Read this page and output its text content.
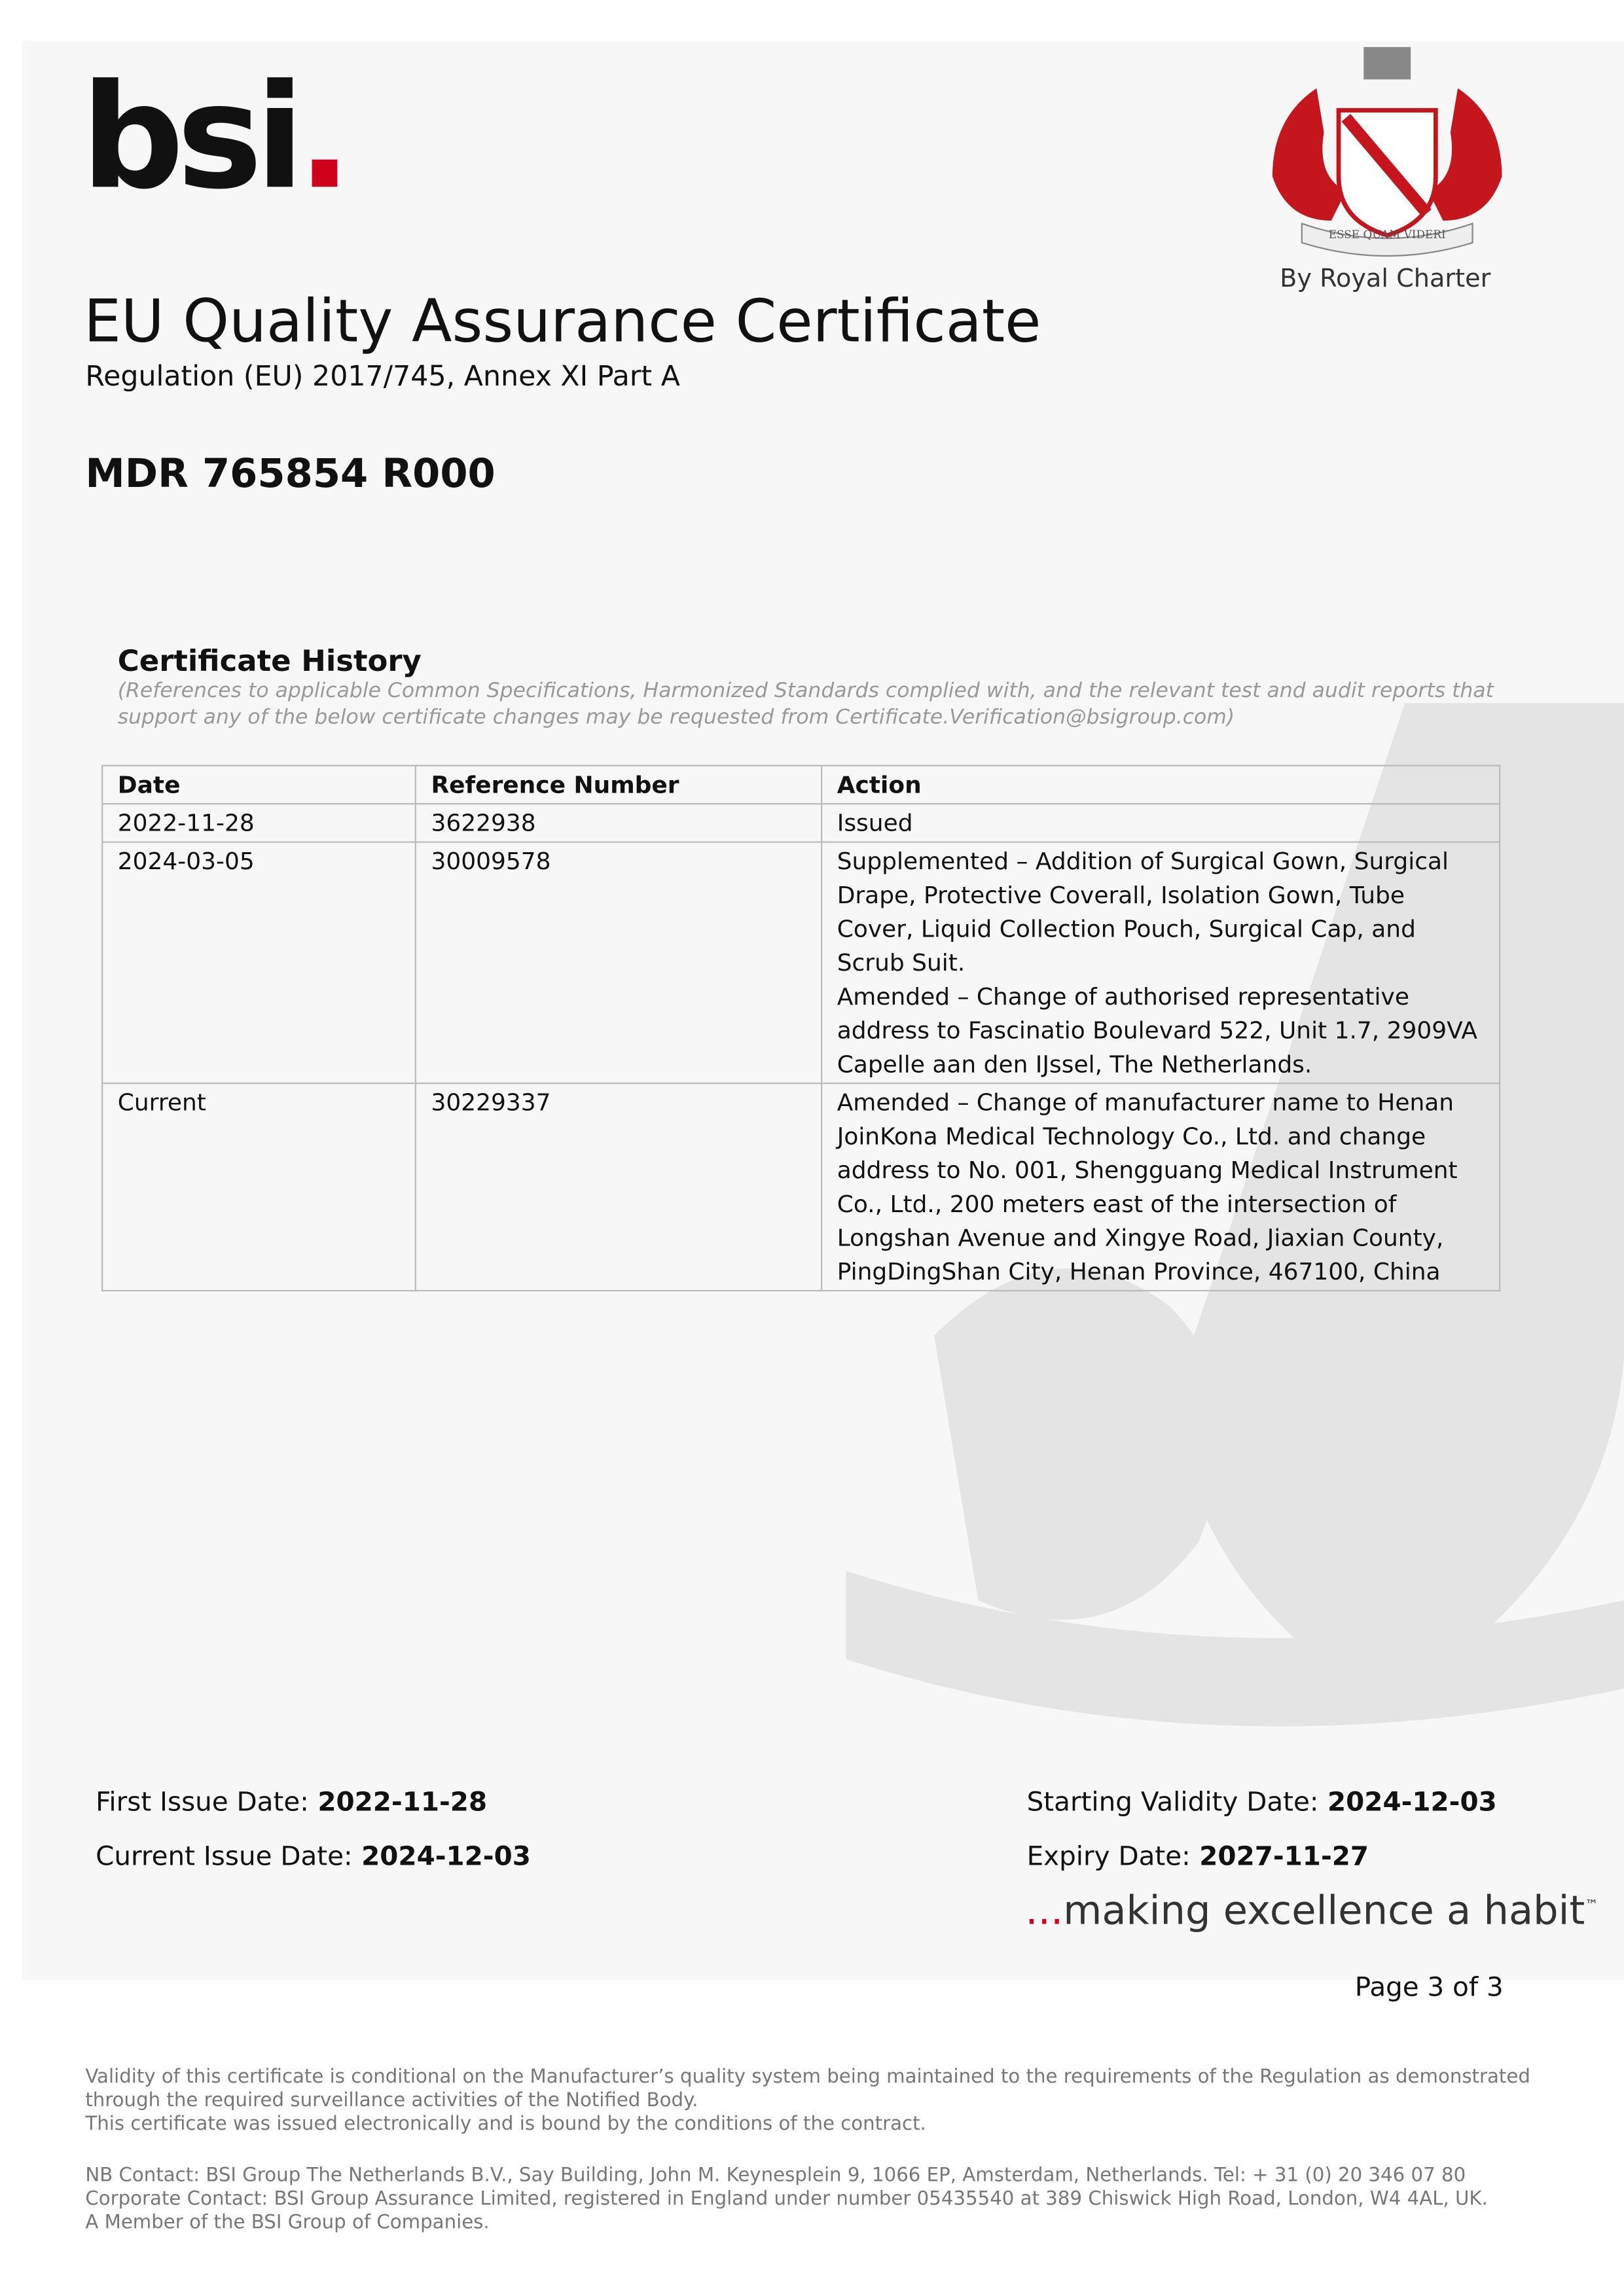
bsi.
ESSE QUAM VIDERI
By Royal Charter
EU Quality Assurance Certificate
Regulation (EU) 2017/745, Annex XI Part A
MDR 765854 R000
Certificate History
(References to applicable Common Specifications, Harmonized Standards complied with, and the relevant test and audit reports that support any of the below certificate changes may be requested from Certificate.Verification@bsigroup.com)
Date	Reference Number	Action
2022-11-28	3622938	Issued

2024-03-05	30009578	Supplemented – Addition of Surgical Gown, Surgical Drape, Protective Coverall, Isolation Gown, Tube Cover, Liquid Collection Pouch, Surgical Cap, and Scrub Suit.
Amended – Change of authorised representative address to Fascinatio Boulevard 522, Unit 1.7, 2909VA Capelle aan den IJssel, The Netherlands.

Current	30229337	Amended – Change of manufacturer name to Henan JoinKona Medical Technology Co., Ltd. and change address to No. 001, Shengguang Medical Instrument Co., Ltd., 200 meters east of the intersection of Longshan Avenue and Xingye Road, Jiaxian County, PingDingShan City, Henan Province, 467100, China
First Issue Date: 2022-11-28
Current Issue Date: 2024-12-03
Starting Validity Date: 2024-12-03
Expiry Date: 2027-11-27
...making excellence a habit™
Page 3 of 3
Validity of this certificate is conditional on the Manufacturer’s quality system being maintained to the requirements of the Regulation as demonstrated
through the required surveillance activities of the Notified Body.
This certificate was issued electronically and is bound by the conditions of the contract.
NB Contact: BSI Group The Netherlands B.V., Say Building, John M. Keynesplein 9, 1066 EP, Amsterdam, Netherlands. Tel: + 31 (0) 20 346 07 80
Corporate Contact: BSI Group Assurance Limited, registered in England under number 05435540 at 389 Chiswick High Road, London, W4 4AL, UK.
A Member of the BSI Group of Companies.
